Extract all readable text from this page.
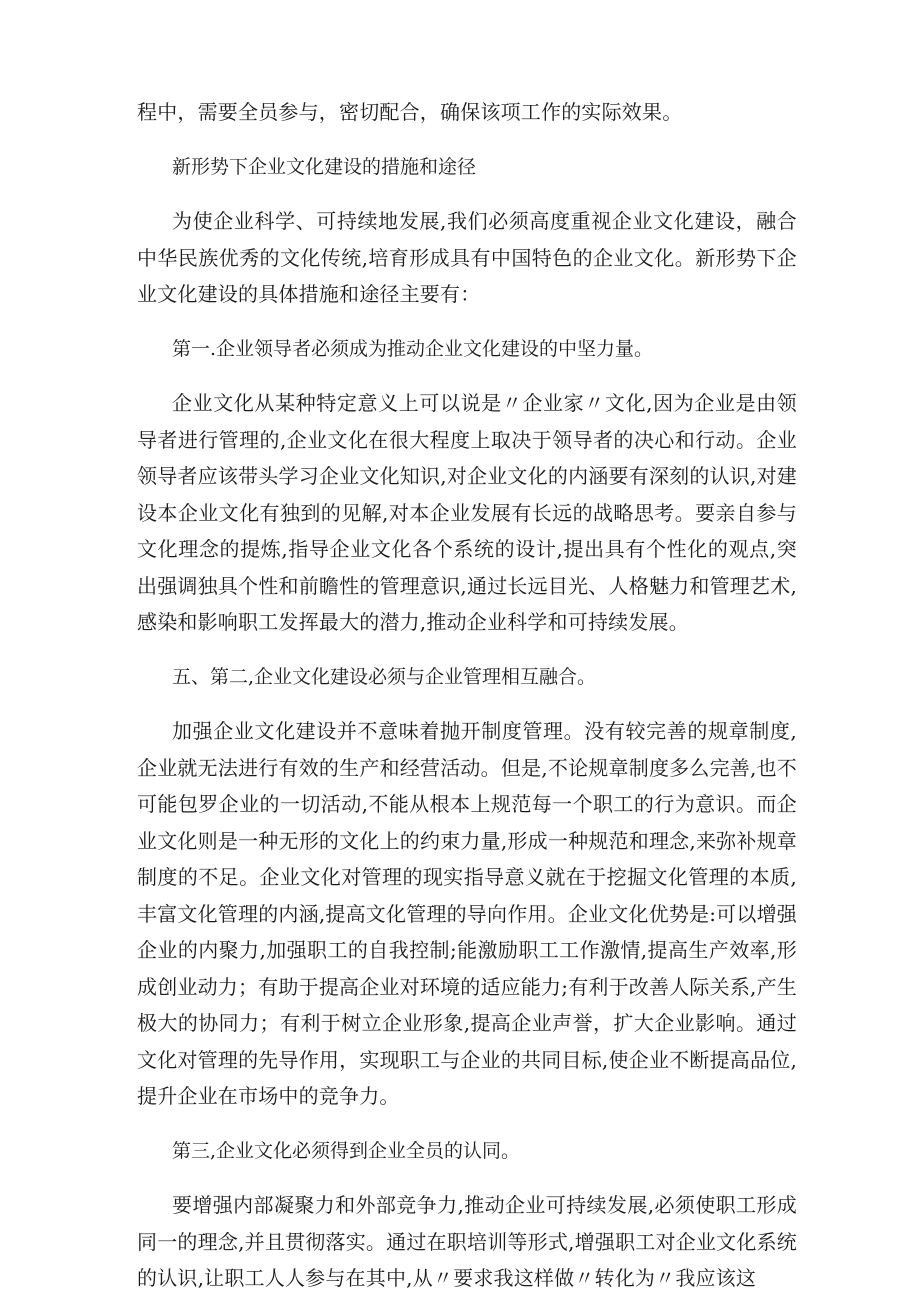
程中，需要全员参与，密切配合，确保该项工作的实际效果。

新形势下企业文化建设的措施和途径

为使企业科学、可持续地发展,我们必须高度重视企业文化建设，融合中华民族优秀的文化传统,培育形成具有中国特色的企业文化。新形势下企业文化建设的具体措施和途径主要有：

第一.企业领导者必须成为推动企业文化建设的中坚力量。

企业文化从某种特定意义上可以说是〃企业家〃文化,因为企业是由领导者进行管理的,企业文化在很大程度上取决于领导者的决心和行动。企业领导者应该带头学习企业文化知识,对企业文化的内涵要有深刻的认识,对建设本企业文化有独到的见解,对本企业发展有长远的战略思考。要亲自参与文化理念的提炼,指导企业文化各个系统的设计,提出具有个性化的观点,突出强调独具个性和前瞻性的管理意识,通过长远目光、人格魅力和管理艺术,感染和影响职工发挥最大的潜力,推动企业科学和可持续发展。

五、第二,企业文化建设必须与企业管理相互融合。

加强企业文化建设并不意味着抛开制度管理。没有较完善的规章制度,企业就无法进行有效的生产和经营活动。但是,不论规章制度多么完善,也不可能包罗企业的一切活动,不能从根本上规范每一个职工的行为意识。而企业文化则是一种无形的文化上的约束力量,形成一种规范和理念,来弥补规章制度的不足。企业文化对管理的现实指导意义就在于挖掘文化管理的本质,丰富文化管理的内涵,提高文化管理的导向作用。企业文化优势是:可以增强企业的内聚力,加强职工的自我控制;能激励职工工作激情,提高生产效率,形成创业动力；有助于提高企业对环境的适应能力;有利于改善人际关系,产生极大的协同力；有利于树立企业形象,提高企业声誉，扩大企业影响。通过文化对管理的先导作用，实现职工与企业的共同目标,使企业不断提高品位,提升企业在市场中的竞争力。

第三,企业文化必须得到企业全员的认同。

要增强内部凝聚力和外部竞争力,推动企业可持续发展,必须使职工形成同一的理念,并且贯彻落实。通过在职培训等形式,增强职工对企业文化系统的认识,让职工人人参与在其中,从〃要求我这样做〃转化为〃我应该这
